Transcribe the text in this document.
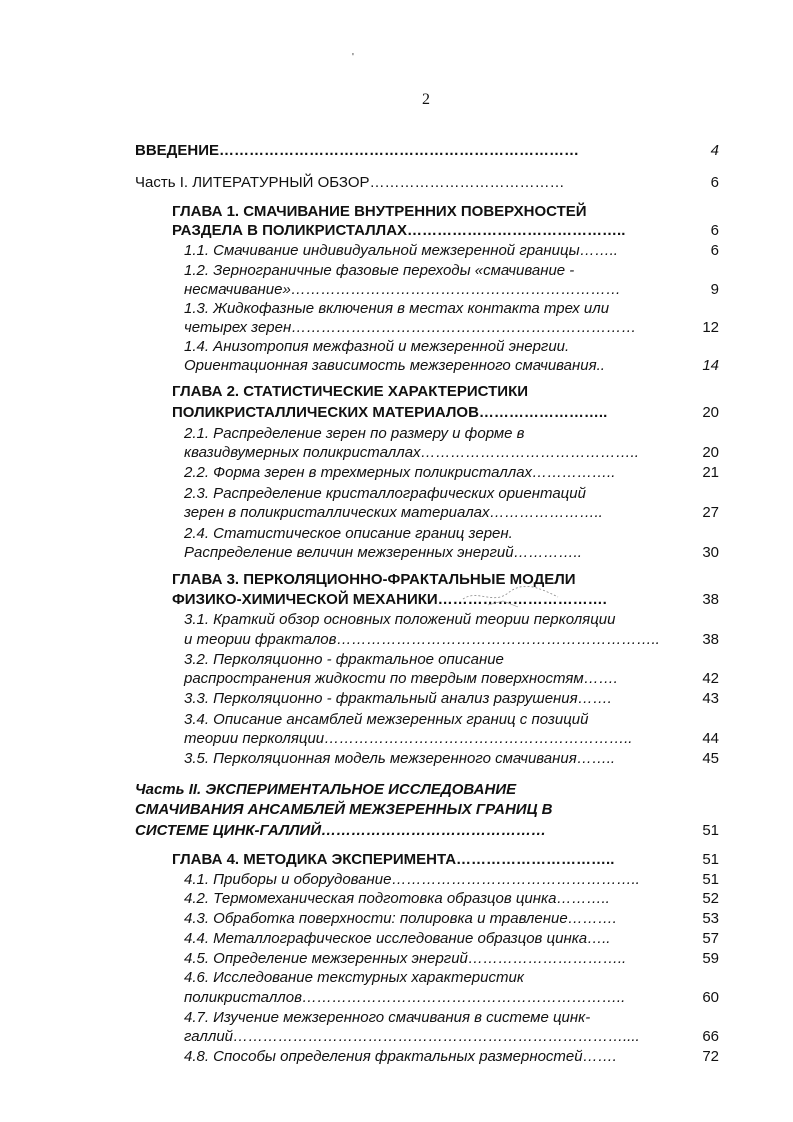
'
2
ВВЕДЕНИЕ………………………………………………………………	4
Часть I. ЛИТЕРАТУРНЫЙ ОБЗОР…………………………………	6
ГЛАВА 1. СМАЧИВАНИЕ ВНУТРЕННИХ ПОВЕРХНОСТЕЙ
РАЗДЕЛА В ПОЛИКРИСТАЛЛАХ……………………………………..	6
1.1. Смачивание индивидуальной межзеренной границы……..	6
1.2. Зернограничные фазовые переходы «смачивание -
несмачивание»…………………………………………………………	9
1.3. Жидкофазные включения в местах контакта трех или
четырех зерен……………………………………………………………	12
1.4. Анизотропия межфазной и межзеренной энергии.
Ориентационная зависимость межзеренного смачивания..	14
ГЛАВА 2. СТАТИСТИЧЕСКИЕ ХАРАКТЕРИСТИКИ
ПОЛИКРИСТАЛЛИЧЕСКИХ МАТЕРИАЛОВ……………………..	20
2.1. Распределение зерен по размеру и форме в
квазидвумерных поликристаллах……………………………………..	20
2.2. Форма зерен в трехмерных поликристаллах……………..	21
2.3. Распределение кристаллографических ориентаций
зерен в поликристаллических материалах…………………..	27
2.4. Статистическое описание границ зерен.
Распределение величин межзеренных энергий…………..	30
ГЛАВА 3. ПЕРКОЛЯЦИОННО-ФРАКТАЛЬНЫЕ МОДЕЛИ
ФИЗИКО-ХИМИЧЕСКОЙ МЕХАНИКИ…………………………….	38
3.1. Краткий обзор основных положений теории перколяции
и теории фракталов………………………………………………………..	38
3.2. Перколяционно - фрактальное описание
распространения жидкости по твердым поверхностям…….	42
3.3. Перколяционно - фрактальный анализ разрушения…….	43
3.4. Описание ансамблей межзеренных границ с позиций
теории перколяции……………………………………………………..	44
3.5. Перколяционная модель межзеренного смачивания……..	45
Часть II. ЭКСПЕРИМЕНТАЛЬНОЕ ИССЛЕДОВАНИЕ
СМАЧИВАНИЯ АНСАМБЛЕЙ МЕЖЗЕРЕННЫХ ГРАНИЦ В
СИСТЕМЕ ЦИНК-ГАЛЛИЙ………………………………………	51
ГЛАВА 4. МЕТОДИКА ЭКСПЕРИМЕНТА…………………………..	51
4.1. Приборы и оборудование…………………………………………..	51
4.2. Термомеханическая подготовка образцов цинка………..	52
4.3. Обработка поверхности: полировка и травление……….	53
4.4. Металлографическое исследование образцов цинка…..	57
4.5. Определение межзеренных энергий…………………………..	59
4.6. Исследование текстурных характеристик
поликристаллов………………………………………………………..	60
4.7. Изучение межзеренного смачивания в системе цинк-
галлий……………………………………………………………………....	66
4.8. Способы определения фрактальных размерностей…….	72
